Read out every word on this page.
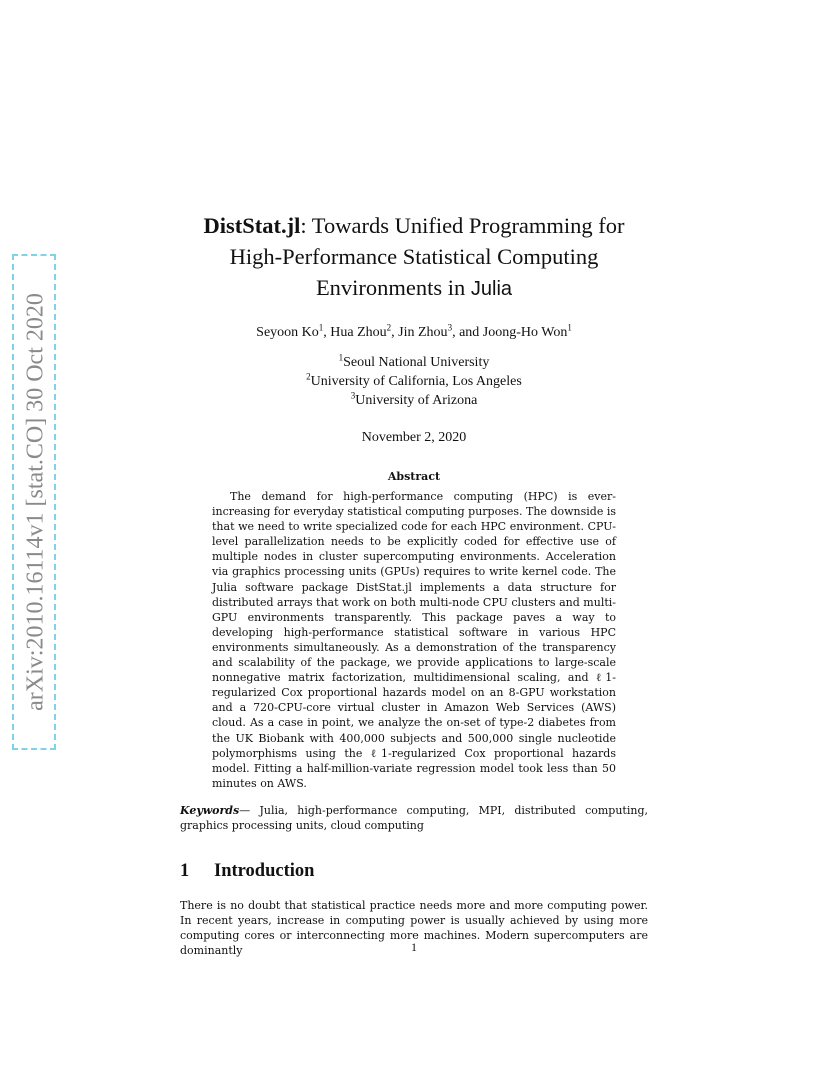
arXiv:2010.16114v1 [stat.CO] 30 Oct 2020
DistStat.jl: Towards Unified Programming for
High-Performance Statistical Computing
Environments in Julia
Seyoon Ko$^1$, Hua Zhou$^2$, Jin Zhou$^3$, and Joong-Ho Won$^1$
$^1$Seoul National University
$^2$University of California, Los Angeles
$^3$University of Arizona
November 2, 2020
Abstract

The demand for high-performance computing (HPC) is ever-increasing for everyday statistical computing purposes. The downside is that we need to write specialized code for each HPC environment. CPU-level parallelization needs to be explicitly coded for effective use of multiple nodes in cluster supercomputing environments. Acceleration via graphics processing units (GPUs) requires to write kernel code. The Julia software package DistStat.jl implements a data structure for distributed arrays that work on both multi-node CPU clusters and multi-GPU environments transparently. This package paves a way to developing high-performance statistical software in various HPC environments simultaneously. As a demonstration of the transparency and scalability of the package, we provide applications to large-scale nonnegative matrix factorization, multidimensional scaling, and ℓ1-regularized Cox proportional hazards model on an 8-GPU workstation and a 720-CPU-core virtual cluster in Amazon Web Services (AWS) cloud. As a case in point, we analyze the on-set of type-2 diabetes from the UK Biobank with 400,000 subjects and 500,000 single nucleotide polymorphisms using the ℓ1-regularized Cox proportional hazards model. Fitting a half-million-variate regression model took less than 50 minutes on AWS.

Keywords— Julia, high-performance computing, MPI, distributed computing, graphics processing units, cloud computing
1 Introduction
There is no doubt that statistical practice needs more and more computing power. In recent years, increase in computing power is usually achieved by using more computing cores or interconnecting more machines. Modern supercomputers are dominantly	1
